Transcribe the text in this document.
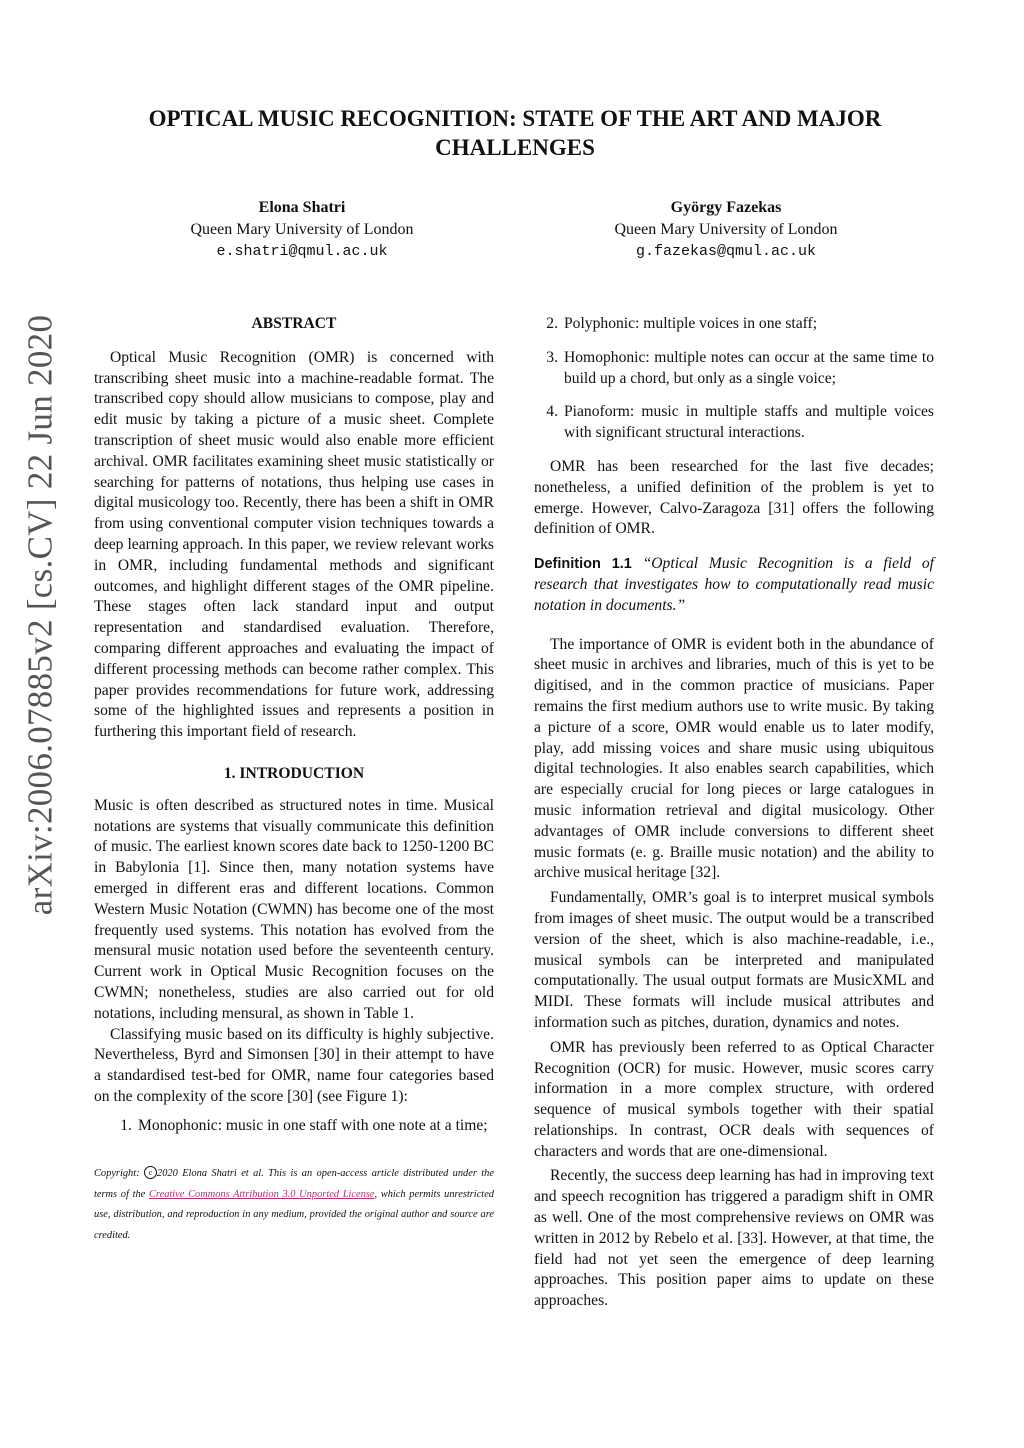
arXiv:2006.07885v2 [cs.CV] 22 Jun 2020
OPTICAL MUSIC RECOGNITION: STATE OF THE ART AND MAJOR CHALLENGES
Elona Shatri
Queen Mary University of London
e.shatri@qmul.ac.uk
György Fazekas
Queen Mary University of London
g.fazekas@qmul.ac.uk
ABSTRACT

Optical Music Recognition (OMR) is concerned with transcribing sheet music into a machine-readable format. The transcribed copy should allow musicians to compose, play and edit music by taking a picture of a music sheet. Complete transcription of sheet music would also enable more efficient archival. OMR facilitates examining sheet music statistically or searching for patterns of notations, thus helping use cases in digital musicology too. Recently, there has been a shift in OMR from using conventional computer vision techniques towards a deep learning approach. In this paper, we review relevant works in OMR, including fundamental methods and significant outcomes, and highlight different stages of the OMR pipeline. These stages often lack standard input and output representation and standardised evaluation. Therefore, comparing different approaches and evaluating the impact of different processing methods can become rather complex. This paper provides recommendations for future work, addressing some of the highlighted issues and represents a position in furthering this important field of research.

1. INTRODUCTION

Music is often described as structured notes in time. Musical notations are systems that visually communicate this definition of music. The earliest known scores date back to 1250-1200 BC in Babylonia [1]. Since then, many notation systems have emerged in different eras and different locations. Common Western Music Notation (CWMN) has become one of the most frequently used systems. This notation has evolved from the mensural music notation used before the seventeenth century. Current work in Optical Music Recognition focuses on the CWMN; nonetheless, studies are also carried out for old notations, including mensural, as shown in Table 1.

Classifying music based on its difficulty is highly subjective. Nevertheless, Byrd and Simonsen [30] in their attempt to have a standardised test-bed for OMR, name four categories based on the complexity of the score [30] (see Figure 1):

1. Monophonic: music in one staff with one note at a time;
Copyright: c 2020 Elona Shatri et al. This is an open-access article distributed under the terms of the Creative Commons Attribution 3.0 Unported License, which permits unrestricted use, distribution, and reproduction in any medium, provided the original author and source are credited.
2. Polyphonic: multiple voices in one staff;
3. Homophonic: multiple notes can occur at the same time to build up a chord, but only as a single voice;
4. Pianoform: music in multiple staffs and multiple voices with significant structural interactions.

OMR has been researched for the last five decades; nonetheless, a unified definition of the problem is yet to emerge. However, Calvo-Zaragoza [31] offers the following definition of OMR.

Definition 1.1 “Optical Music Recognition is a field of research that investigates how to computationally read music notation in documents.”

The importance of OMR is evident both in the abundance of sheet music in archives and libraries, much of this is yet to be digitised, and in the common practice of musicians. Paper remains the first medium authors use to write music. By taking a picture of a score, OMR would enable us to later modify, play, add missing voices and share music using ubiquitous digital technologies. It also enables search capabilities, which are especially crucial for long pieces or large catalogues in music information retrieval and digital musicology. Other advantages of OMR include conversions to different sheet music formats (e. g. Braille music notation) and the ability to archive musical heritage [32].

Fundamentally, OMR’s goal is to interpret musical symbols from images of sheet music. The output would be a transcribed version of the sheet, which is also machine-readable, i.e., musical symbols can be interpreted and manipulated computationally. The usual output formats are MusicXML and MIDI. These formats will include musical attributes and information such as pitches, duration, dynamics and notes.

OMR has previously been referred to as Optical Character Recognition (OCR) for music. However, music scores carry information in a more complex structure, with ordered sequence of musical symbols together with their spatial relationships. In contrast, OCR deals with sequences of characters and words that are one-dimensional.

Recently, the success deep learning has had in improving text and speech recognition has triggered a paradigm shift in OMR as well. One of the most comprehensive reviews on OMR was written in 2012 by Rebelo et al. [33]. However, at that time, the field had not yet seen the emergence of deep learning approaches. This position paper aims to update on these approaches.
